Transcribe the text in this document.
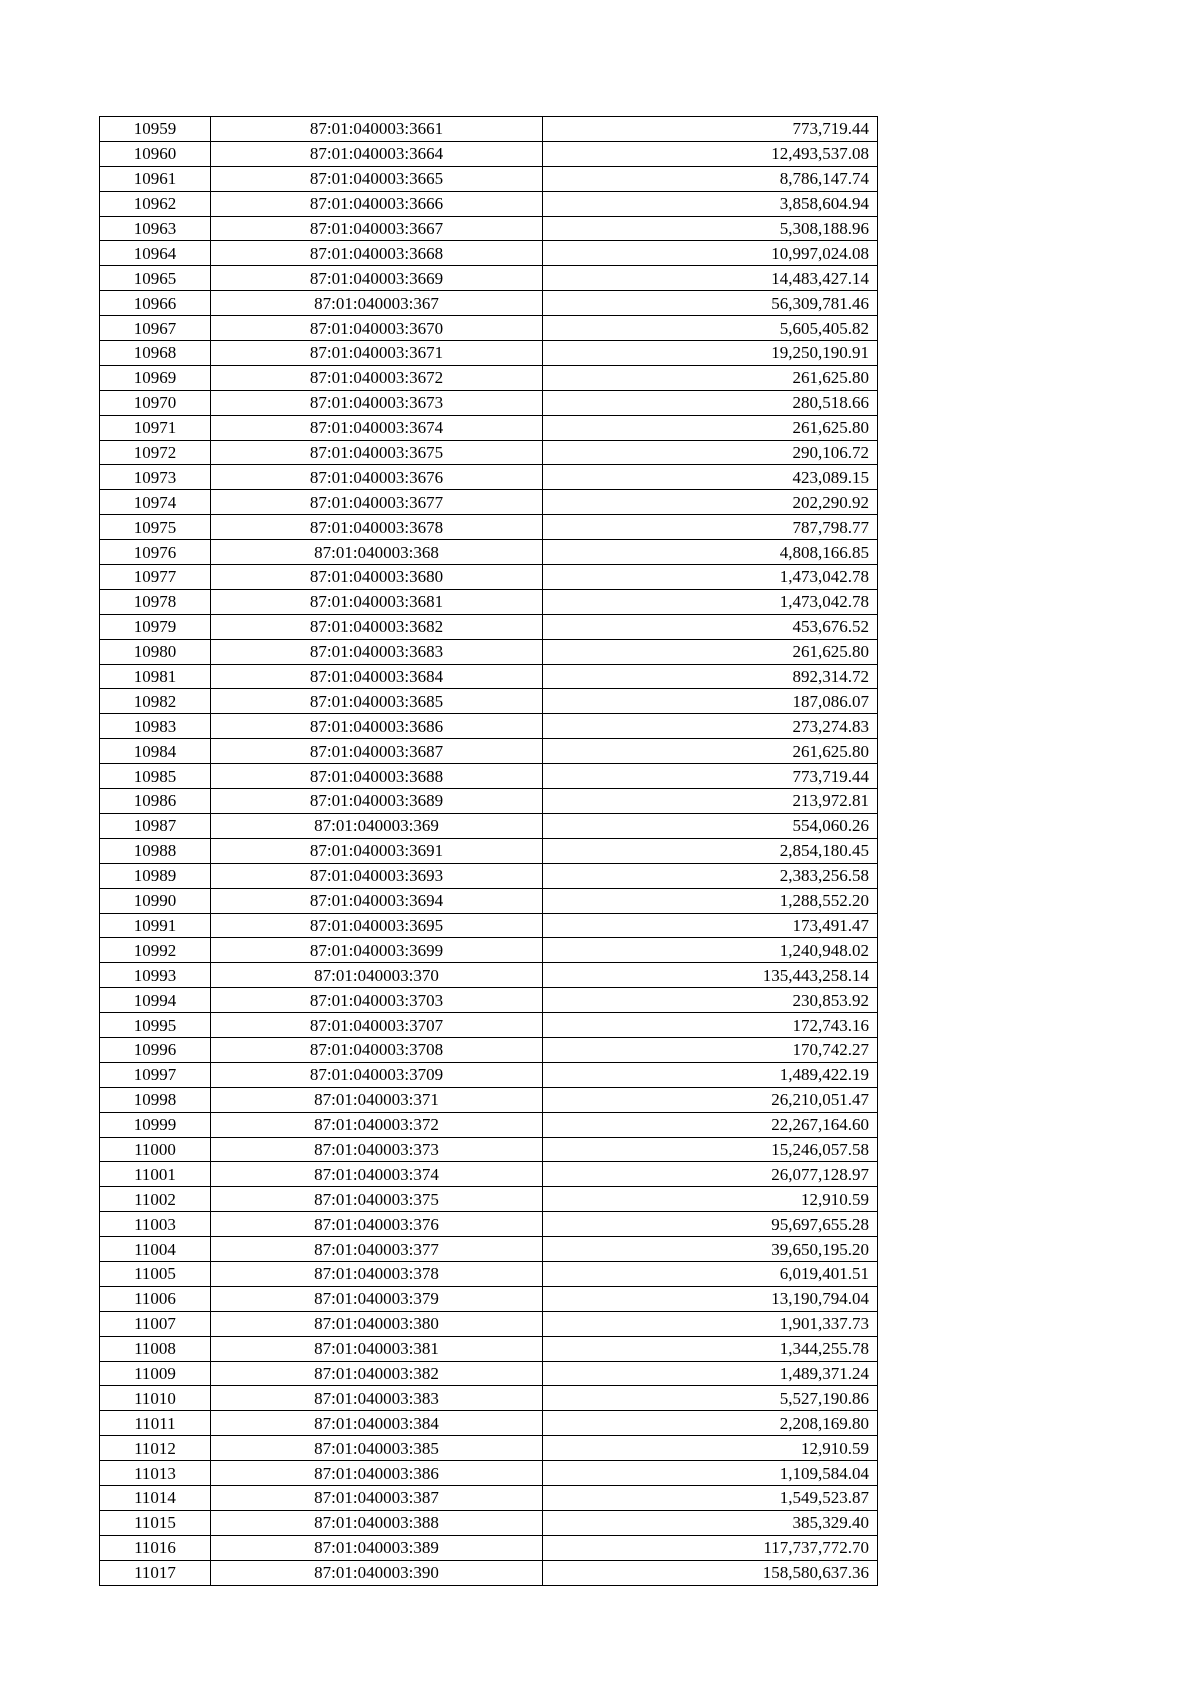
10959	87:01:040003:3661	773,719.44
10960	87:01:040003:3664	12,493,537.08
10961	87:01:040003:3665	8,786,147.74
10962	87:01:040003:3666	3,858,604.94
10963	87:01:040003:3667	5,308,188.96
10964	87:01:040003:3668	10,997,024.08
10965	87:01:040003:3669	14,483,427.14
10966	87:01:040003:367	56,309,781.46
10967	87:01:040003:3670	5,605,405.82
10968	87:01:040003:3671	19,250,190.91
10969	87:01:040003:3672	261,625.80
10970	87:01:040003:3673	280,518.66
10971	87:01:040003:3674	261,625.80
10972	87:01:040003:3675	290,106.72
10973	87:01:040003:3676	423,089.15
10974	87:01:040003:3677	202,290.92
10975	87:01:040003:3678	787,798.77
10976	87:01:040003:368	4,808,166.85
10977	87:01:040003:3680	1,473,042.78
10978	87:01:040003:3681	1,473,042.78
10979	87:01:040003:3682	453,676.52
10980	87:01:040003:3683	261,625.80
10981	87:01:040003:3684	892,314.72
10982	87:01:040003:3685	187,086.07
10983	87:01:040003:3686	273,274.83
10984	87:01:040003:3687	261,625.80
10985	87:01:040003:3688	773,719.44
10986	87:01:040003:3689	213,972.81
10987	87:01:040003:369	554,060.26
10988	87:01:040003:3691	2,854,180.45
10989	87:01:040003:3693	2,383,256.58
10990	87:01:040003:3694	1,288,552.20
10991	87:01:040003:3695	173,491.47
10992	87:01:040003:3699	1,240,948.02
10993	87:01:040003:370	135,443,258.14
10994	87:01:040003:3703	230,853.92
10995	87:01:040003:3707	172,743.16
10996	87:01:040003:3708	170,742.27
10997	87:01:040003:3709	1,489,422.19
10998	87:01:040003:371	26,210,051.47
10999	87:01:040003:372	22,267,164.60
11000	87:01:040003:373	15,246,057.58
11001	87:01:040003:374	26,077,128.97
11002	87:01:040003:375	12,910.59
11003	87:01:040003:376	95,697,655.28
11004	87:01:040003:377	39,650,195.20
11005	87:01:040003:378	6,019,401.51
11006	87:01:040003:379	13,190,794.04
11007	87:01:040003:380	1,901,337.73
11008	87:01:040003:381	1,344,255.78
11009	87:01:040003:382	1,489,371.24
11010	87:01:040003:383	5,527,190.86
11011	87:01:040003:384	2,208,169.80
11012	87:01:040003:385	12,910.59
11013	87:01:040003:386	1,109,584.04
11014	87:01:040003:387	1,549,523.87
11015	87:01:040003:388	385,329.40
11016	87:01:040003:389	117,737,772.70
11017	87:01:040003:390	158,580,637.36
